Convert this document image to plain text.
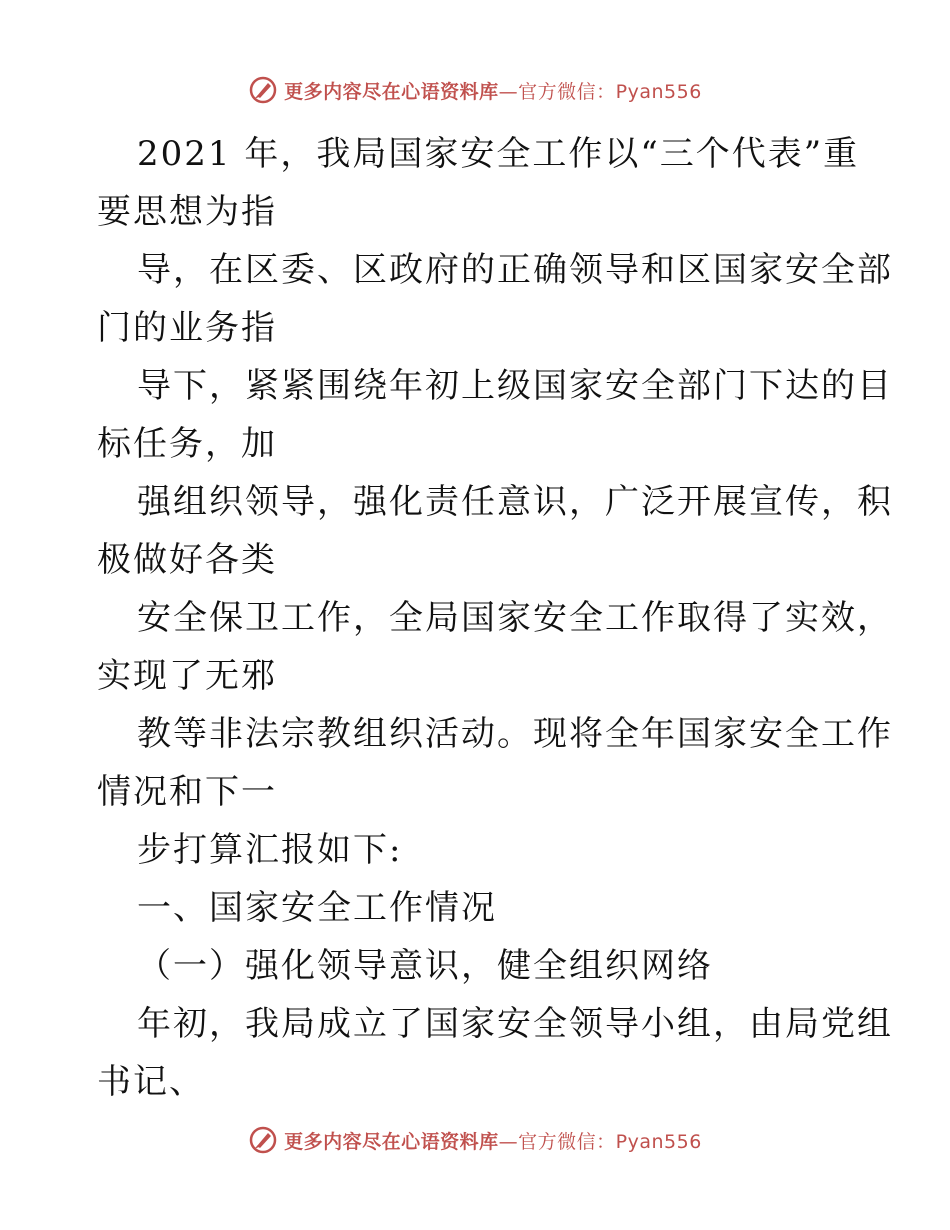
更多内容尽在心语资料库—官方微信：Pyan556
2021 年，我局国家安全工作以“三个代表”重
要思想为指
导，在区委、区政府的正确领导和区国家安全部
门的业务指
导下，紧紧围绕年初上级国家安全部门下达的目
标任务，加
强组织领导，强化责任意识，广泛开展宣传，积
极做好各类
安全保卫工作，全局国家安全工作取得了实效，
实现了无邪
教等非法宗教组织活动。现将全年国家安全工作
情况和下一
步打算汇报如下:
一、国家安全工作情况
（一）强化领导意识，健全组织网络
年初，我局成立了国家安全领导小组，由局党组
书记、
更多内容尽在心语资料库—官方微信：Pyan556
